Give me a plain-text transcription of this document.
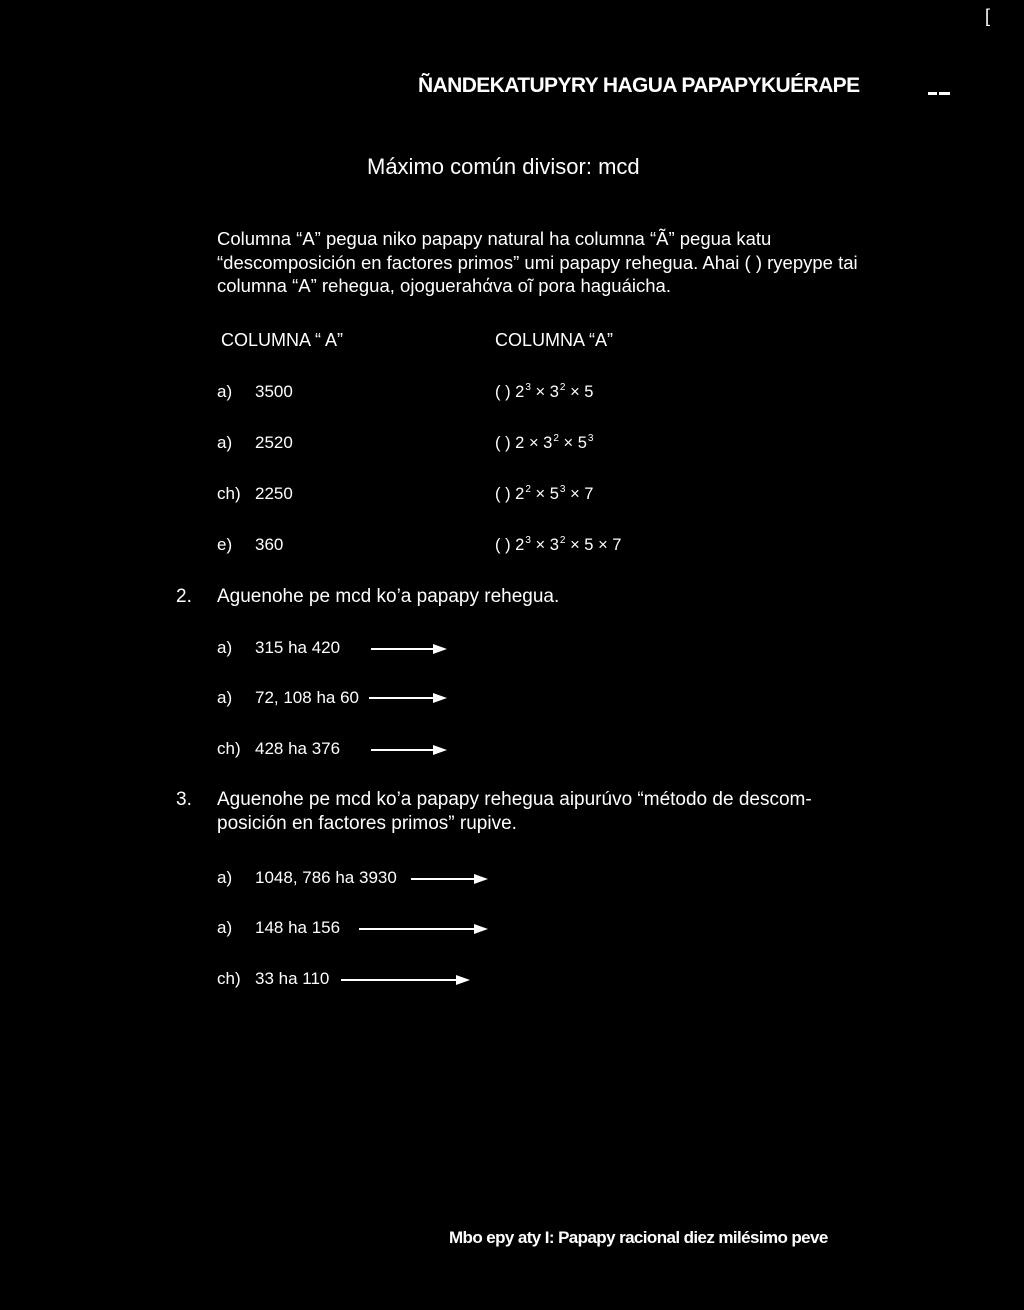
[
ÑANDEKATUPYRY HAGUA PAPAPYKUÉRAPE
Máximo común divisor: mcd
Columna “A” pegua niko papapy natural ha columna “Ã” pegua katu “descomposición en factores primos” umi papapy rehegua. Ahai ( ) ryepype tai columna “A” rehegua, ojoguerahάva oĩ pora haguáicha.
COLUMNA “ A”	COLUMNA “A”
a) 3500	( ) $2^3 \times 3^2 \times 5$
a) 2520	( ) $2 \times 3^2 \times 5^3$
ch) 2250	( ) $2^2 \times 5^3 \times 7$
e) 360	( ) $2^3 \times 3^2 \times 5 \times 7$
2. Aguenohe pe mcd ko’a papapy rehegua.
a) 315 ha 420
a) 72, 108 ha 60
ch) 428 ha 376
3. Aguenohe pe mcd ko’a papapy rehegua aipurúvo “método de descom-posición en factores primos” rupive.
a) 1048, 786 ha 3930
a) 148 ha 156
ch) 33 ha 110
Mbo epy aty I: Papapy racional diez milésimo peve
